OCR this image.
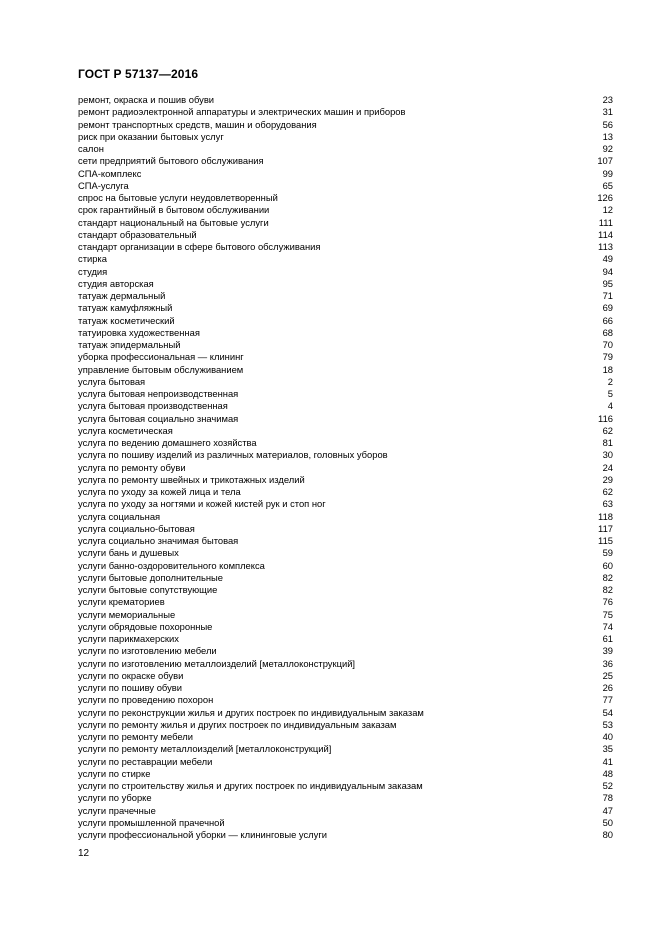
ГОСТ Р 57137—2016
ремонт, окраска и пошив обуви	23
ремонт радиоэлектронной аппаратуры и электрических машин и приборов	31
ремонт транспортных средств, машин и оборудования	56
риск при оказании бытовых услуг	13
салон	92
сети предприятий бытового обслуживания	107
СПА-комплекс	99
СПА-услуга	65
спрос на бытовые услуги неудовлетворенный	126
срок гарантийный в бытовом обслуживании	12
стандарт национальный на бытовые услуги	111
стандарт образовательный	114
стандарт организации в сфере бытового обслуживания	113
стирка	49
студия	94
студия авторская	95
татуаж дермальный	71
татуаж камуфляжный	69
татуаж косметический	66
татуировка художественная	68
татуаж эпидермальный	70
уборка профессиональная — клининг	79
управление бытовым обслуживанием	18
услуга бытовая	2
услуга бытовая непроизводственная	5
услуга бытовая производственная	4
услуга бытовая социально значимая	116
услуга косметическая	62
услуга по ведению домашнего хозяйства	81
услуга по пошиву изделий из различных материалов, головных уборов	30
услуга по ремонту обуви	24
услуга по ремонту швейных и трикотажных изделий	29
услуга по уходу за кожей лица и тела	62
услуга по уходу за ногтями и кожей кистей рук и стоп ног	63
услуга социальная	118
услуга социально-бытовая	117
услуга социально значимая бытовая	115
услуги бань и душевых	59
услуги банно-оздоровительного комплекса	60
услуги бытовые дополнительные	82
услуги бытовые сопутствующие	82
услуги крематориев	76
услуги мемориальные	75
услуги обрядовые похоронные	74
услуги парикмахерских	61
услуги по изготовлению мебели	39
услуги по изготовлению металлоизделий [металлоконструкций]	36
услуги по окраске обуви	25
услуги по пошиву обуви	26
услуги по проведению похорон	77
услуги по реконструкции жилья и других построек по индивидуальным заказам	54
услуги по ремонту жилья и других построек по индивидуальным заказам	53
услуги по ремонту мебели	40
услуги по ремонту металлоизделий [металлоконструкций]	35
услуги по реставрации мебели	41
услуги по стирке	48
услуги по строительству жилья и других построек по индивидуальным заказам	52
услуги по уборке	78
услуги прачечные	47
услуги промышленной прачечной	50
услуги профессиональной уборки — клининговые услуги	80
12
